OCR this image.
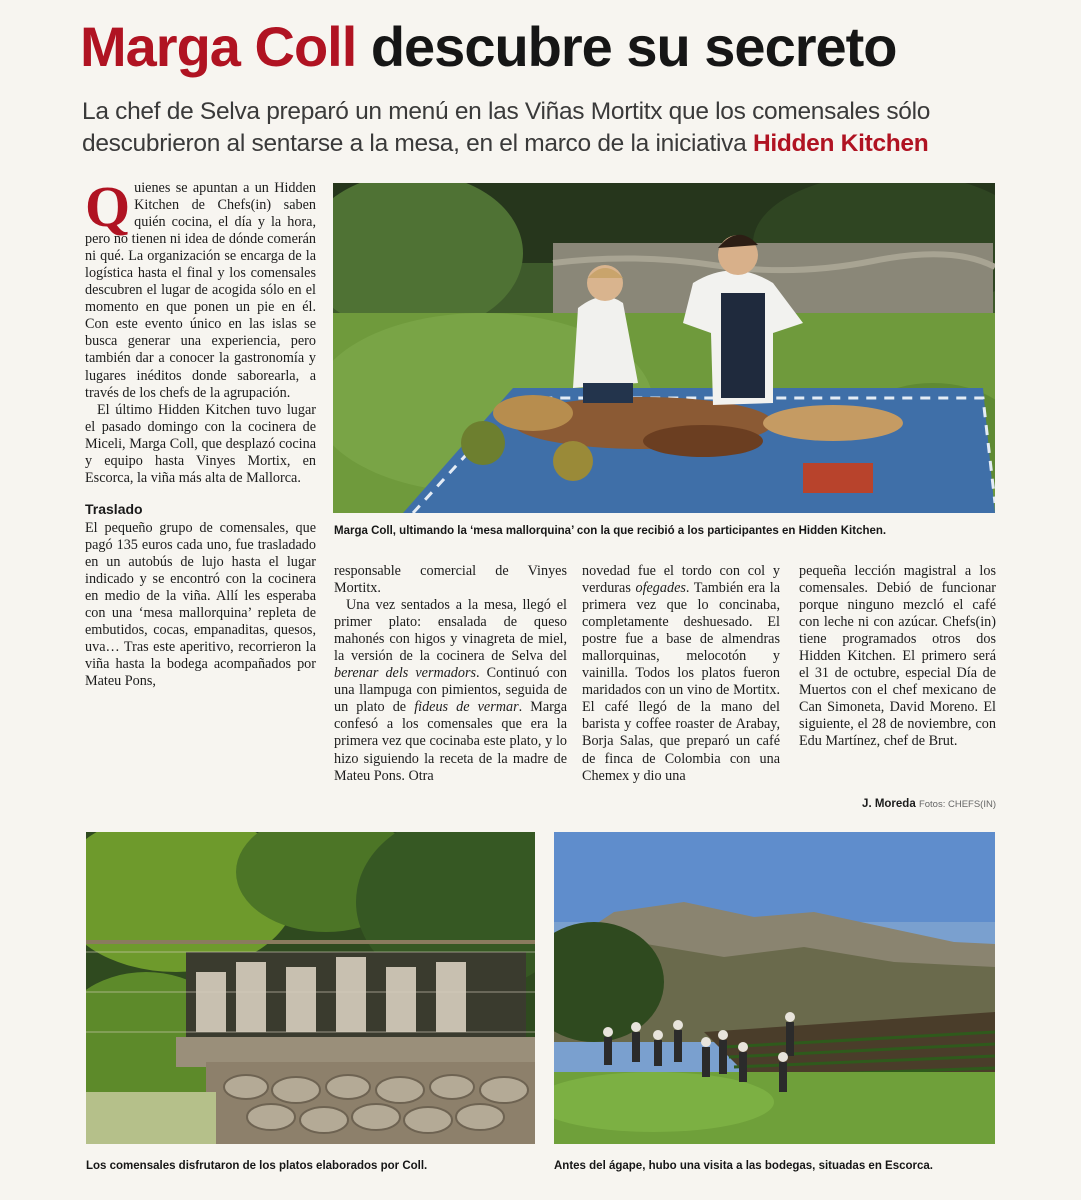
Marga Coll descubre su secreto

La chef de Selva preparó un menú en las Viñas Mortitx que los comensales sólo descubrieron al sentarse a la mesa, en el marco de la iniciativa Hidden Kitchen

Quienes se apuntan a un Hidden Kitchen de Chefs(in) saben quién cocina, el día y la hora, pero no tienen ni idea de dónde comerán ni qué. La organización se encarga de la logística hasta el final y los comensales descubren el lugar de acogida sólo en el momento en que ponen un pie en él. Con este evento único en las islas se busca generar una experiencia, pero también dar a conocer la gastronomía y lugares inéditos donde saborearla, a través de los chefs de la agrupación.

El último Hidden Kitchen tuvo lugar el pasado domingo con la cocinera de Miceli, Marga Coll, que desplazó cocina y equipo hasta Vinyes Mortix, en Escorca, la viña más alta de Mallorca.

Traslado

El pequeño grupo de comensales, que pagó 135 euros cada uno, fue trasladado en un autobús de lujo hasta el lugar indicado y se encontró con la cocinera en medio de la viña. Allí les esperaba con una ‘mesa mallorquina’ repleta de embutidos, cocas, empanaditas, quesos, uva… Tras este aperitivo, recorrieron la viña hasta la bodega acompañados por Mateu Pons,

Marga Coll, ultimando la ‘mesa mallorquina’ con la que recibió a los participantes en Hidden Kitchen.

responsable comercial de Vinyes Mortitx.

Una vez sentados a la mesa, llegó el primer plato: ensalada de queso mahonés con higos y vinagreta de miel, la versión de la cocinera de Selva del berenar dels vermadors. Continuó con una llampuga con pimientos, seguida de un plato de fideus de vermar. Marga confesó a los comensales que era la primera vez que cocinaba este plato, y lo hizo siguiendo la receta de la madre de Mateu Pons. Otra

novedad fue el tordo con col y verduras ofegades. También era la primera vez que lo concinaba, completamente deshuesado. El postre fue a base de almendras mallorquinas, melocotón y vainilla. Todos los platos fueron maridados con un vino de Mortitx. El café llegó de la mano del barista y coffee roaster de Arabay, Borja Salas, que preparó un café de finca de Colombia con una Chemex y dio una

pequeña lección magistral a los comensales. Debió de funcionar porque ninguno mezcló el café con leche ni con azúcar. Chefs(in) tiene programados otros dos Hidden Kitchen. El primero será el 31 de octubre, especial Día de Muertos con el chef mexicano de Can Simoneta, David Moreno. El siguiente, el 28 de noviembre, con Edu Martínez, chef de Brut.

J. Moreda Fotos: CHEFS(IN)
Los comensales disfrutaron de los platos elaborados por Coll.	Antes del ágape, hubo una visita a las bodegas, situadas en Escorca.
